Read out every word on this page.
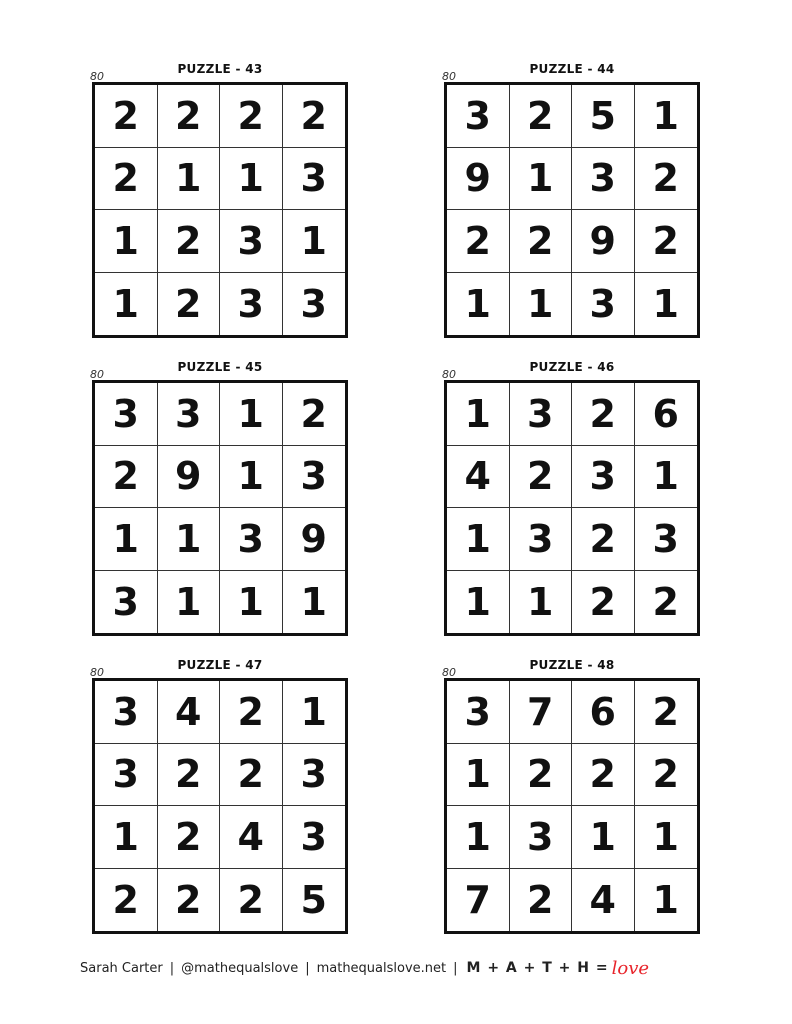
PUZZLE - 43
80
2 2 2 2
2 1 1 3
1 2 3 1
1 2 3 3
PUZZLE - 44
80
3 2 5 1
9 1 3 2
2 2 9 2
1 1 3 1
PUZZLE - 45
80
3 3 1 2
2 9 1 3
1 1 3 9
3 1 1 1
PUZZLE - 46
80
1 3 2 6
4 2 3 1
1 3 2 3
1 1 2 2
PUZZLE - 47
80
3 4 2 1
3 2 2 3
1 2 4 3
2 2 2 5
PUZZLE - 48
80
3 7 6 2
1 2 2 2
1 3 1 1
7 2 4 1
Sarah Carter | @mathequalslove | mathequalslove.net | M + A + T + H = love
